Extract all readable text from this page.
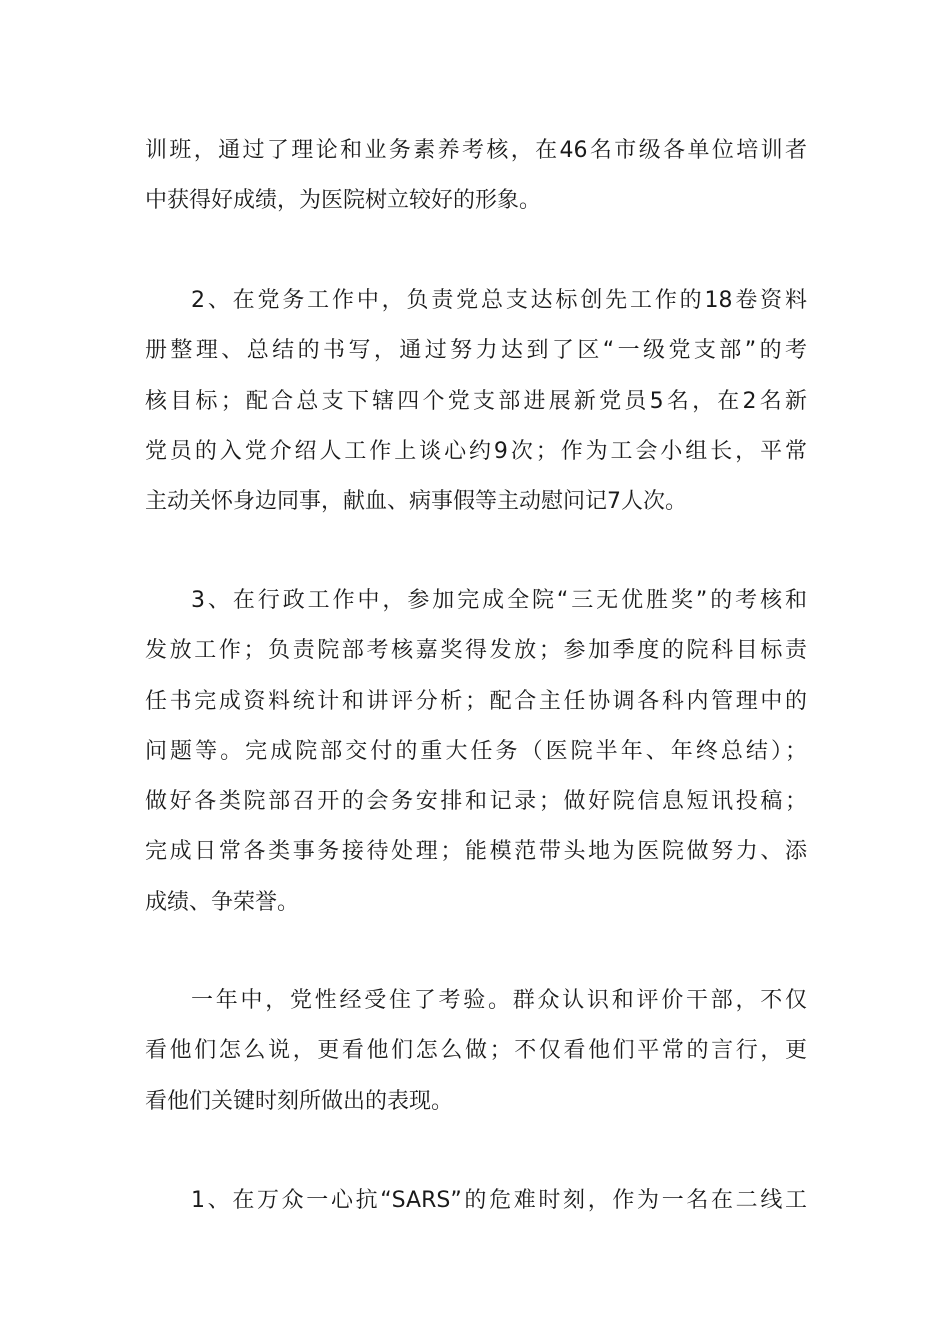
训班，通过了理论和业务素养考核，在46名市级各单位培训者
中获得好成绩，为医院树立较好的形象。
2、在党务工作中，负责党总支达标创先工作的18卷资料
册整理、总结的书写，通过努力达到了区“一级党支部”的考
核目标；配合总支下辖四个党支部进展新党员5名，在2名新
党员的入党介绍人工作上谈心约9次；作为工会小组长，平常
主动关怀身边同事，献血、病事假等主动慰问记7人次。
3、在行政工作中，参加完成全院“三无优胜奖”的考核和
发放工作；负责院部考核嘉奖得发放；参加季度的院科目标责
任书完成资料统计和讲评分析；配合主任协调各科内管理中的
问题等。完成院部交付的重大任务（医院半年、年终总结）；
做好各类院部召开的会务安排和记录；做好院信息短讯投稿；
完成日常各类事务接待处理；能模范带头地为医院做努力、添
成绩、争荣誉。
一年中，党性经受住了考验。群众认识和评价干部，不仅
看他们怎么说，更看他们怎么做；不仅看他们平常的言行，更
看他们关键时刻所做出的表现。
1、在万众一心抗“SARS”的危难时刻，作为一名在二线工
